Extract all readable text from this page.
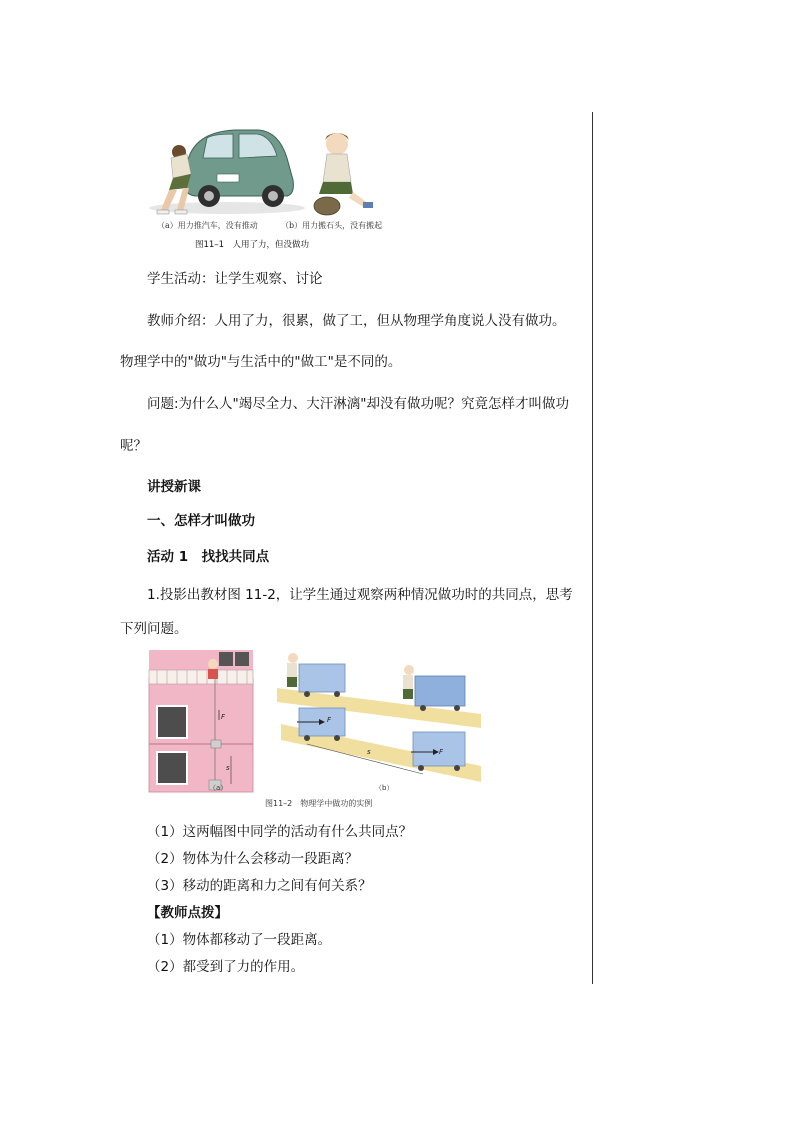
（a）用力推汽车，没有推动	（b）用力搬石头，没有搬起
图11–1　人用了力，但没做功
学生活动：让学生观察、讨论
教师介绍：人用了力，很累，做了工，但从物理学角度说人没有做功。
物理学中的"做功"与生活中的"做工"是不同的。
问题:为什么人"竭尽全力、大汗淋漓"却没有做功呢？究竟怎样才叫做功
呢？
讲授新课
一、怎样才叫做功
活动 1　找找共同点
1.投影出教材图 11-2，让学生通过观察两种情况做功时的共同点，思考
下列问题。
F
s
（a）
F
F
s
（b）
图11–2　物理学中做功的实例
（1）这两幅图中同学的活动有什么共同点？
（2）物体为什么会移动一段距离？
（3）移动的距离和力之间有何关系？
【教师点拨】
（1）物体都移动了一段距离。
（2）都受到了力的作用。
